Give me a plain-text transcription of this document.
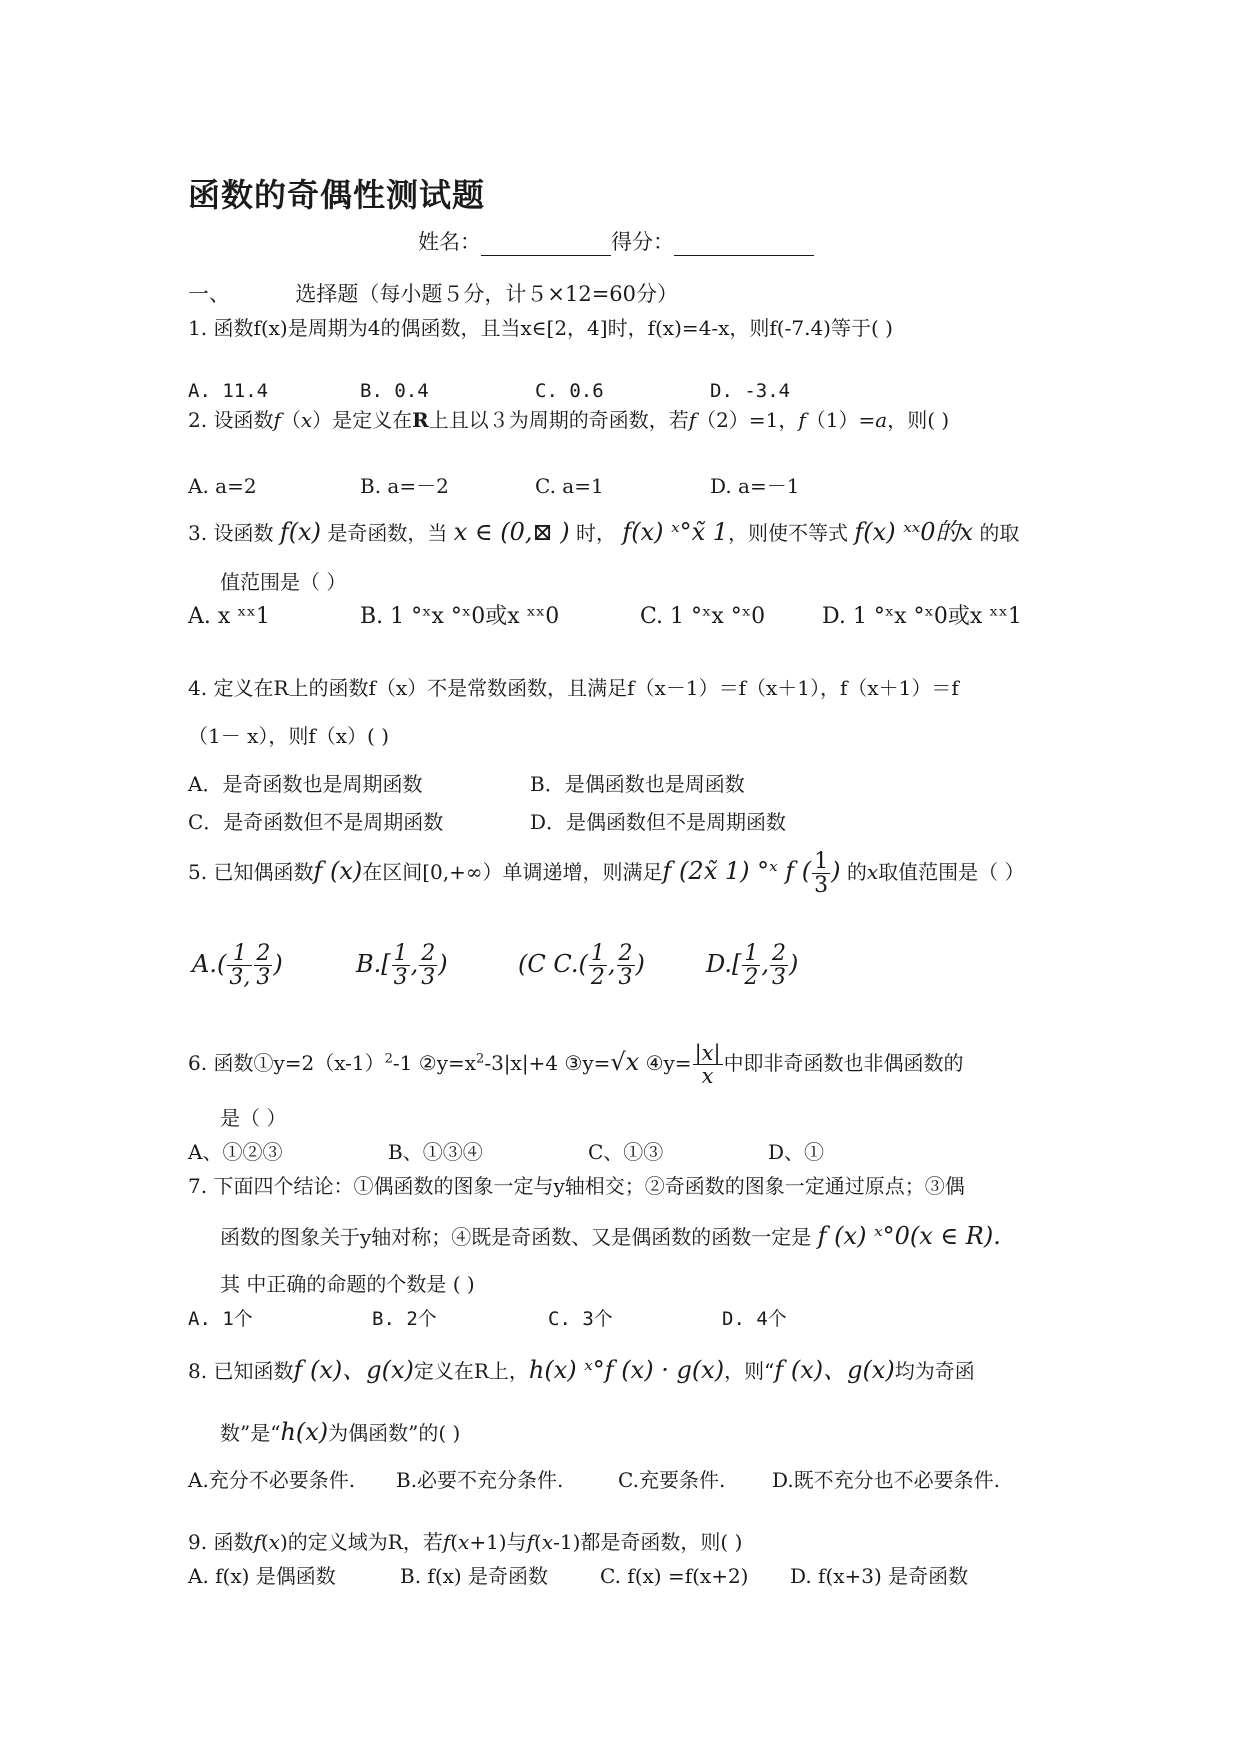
函数的奇偶性测试题
姓名：	得分：
一、	选择题（每小题５分，计５×12=60分）
1. 函数f(x)是周期为4的偶函数，且当x∈[2，4]时，f(x)=4-x，则f(-7.4)等于( )
A. 11.4	B. 0.4	C. 0.6	D. -3.4
2. 设函数f（x）是定义在R上且以３为周期的奇函数，若f（2）=1，f（1）=a，则( )
A. a=2	B. a=－2	C. a=1	D. a=－1
3. 设函数 f(x) 是奇函数，当 x ∈ (0,⊠ ) 时， f(x) ˣ°x̃ 1，则使不等式 f(x) ˣˣ0的x 的取
值范围是（ ）
A. x ˣˣ1	B. 1 °ˣx °ˣ0或x ˣˣ0	C. 1 °ˣx °ˣ0	D. 1 °ˣx °ˣ0或x ˣˣ1
4. 定义在R上的函数f（x）不是常数函数，且满足f（x－1）＝f（x＋1），f（x＋1）＝f
（1－ x），则f（x）( )
A．是奇函数也是周期函数	B．是偶函数也是周函数
C．是奇函数但不是周期函数	D．是偶函数但不是周期函数
5. 已知偶函数f (x)在区间[0,+∞）单调递增，则满足f (2x̃ 1) °ˣ f ( $\frac{1}{3}$ ) 的x取值范围是（ ）
$A.( \frac{1}{3,} \frac{2}{3}$ )	$B.[ \frac{1}{3}$ , $\frac{2}{3}$ )	(C $C.( \frac{1}{2}$ , $\frac{2}{3}$ )	$D.[ \frac{1}{2}$ , $\frac{2}{3}$ )
6. 函数$①y=2(x-1)^2-1$ $②y=x^2-3|x|+4$ ③y=√x ④y= $\frac{|x|}{x}$ 中即非奇函数也非偶函数的
是（ ）
A、①②③	B、①③④	C、①③	D、①
7. 下面四个结论：①偶函数的图象一定与y轴相交；②奇函数的图象一定通过原点；③偶
函数的图象关于y轴对称；④既是奇函数、又是偶函数的函数一定是 f (x) ˣ°0(x ∈ R).
其 中正确的命题的个数是 ( )
A. 1个	B. 2个	C. 3个	D. 4个
8. 已知函数f (x)、g(x)定义在R上，h(x) ˣ°f (x) · g(x)，则“f (x)、g(x)均为奇函
数”是“h(x)为偶函数”的( )
A.充分不必要条件. B.必要不充分条件.	C.充要条件. D.既不充分也不必要条件.
9. 函数f(x)的定义域为R，若f(x+1)与f(x-1)都是奇函数，则( )
A. f(x) 是偶函数	B. f(x) 是奇函数	C. f(x) =f(x+2) D. f(x+3) 是奇函数
